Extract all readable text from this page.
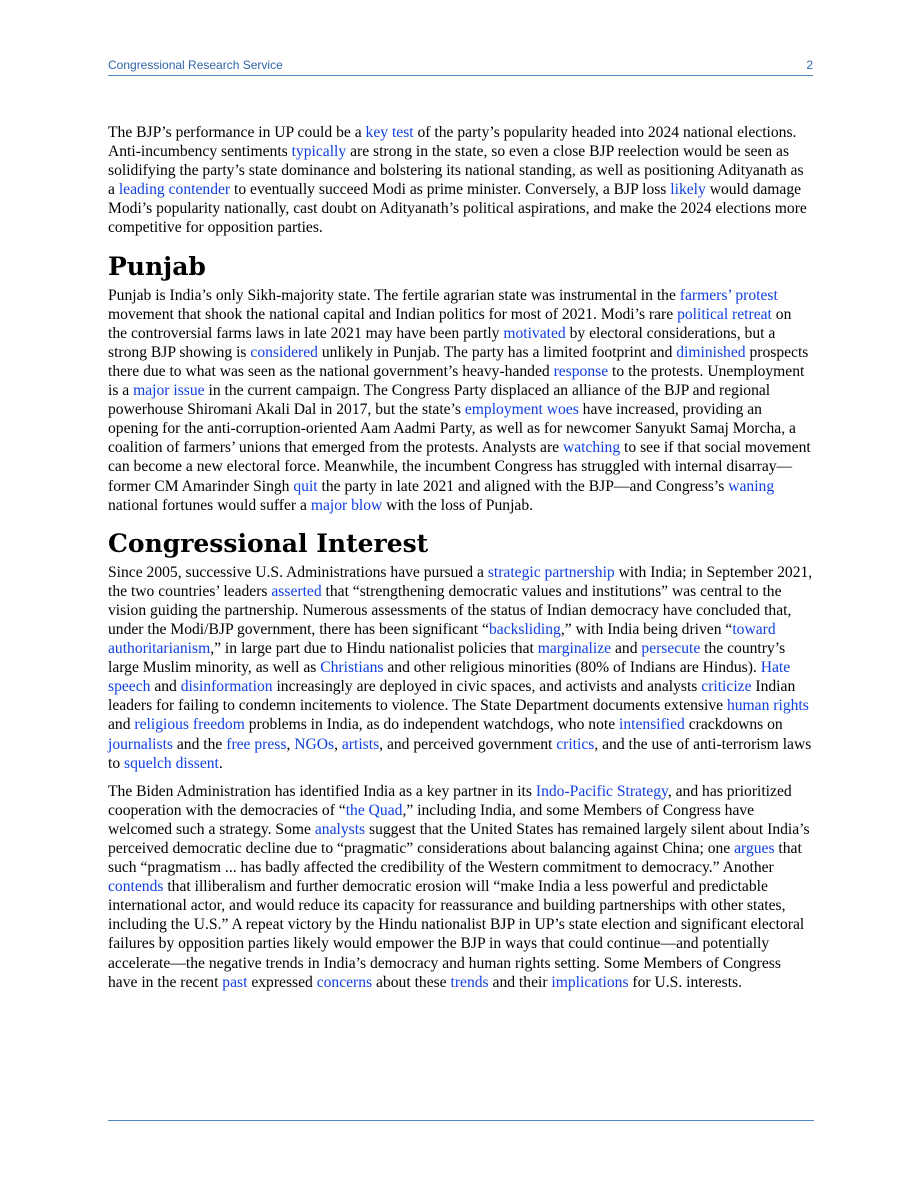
Congressional Research Service	2

The BJP’s performance in UP could be a key test of the party’s popularity headed into 2024 national elections. Anti-incumbency sentiments typically are strong in the state, so even a close BJP reelection would be seen as solidifying the party’s state dominance and bolstering its national standing, as well as positioning Adityanath as a leading contender to eventually succeed Modi as prime minister. Conversely, a BJP loss likely would damage Modi’s popularity nationally, cast doubt on Adityanath’s political aspirations, and make the 2024 elections more competitive for opposition parties.

Punjab

Punjab is India’s only Sikh-majority state. The fertile agrarian state was instrumental in the farmers’ protest movement that shook the national capital and Indian politics for most of 2021. Modi’s rare political retreat on the controversial farms laws in late 2021 may have been partly motivated by electoral considerations, but a strong BJP showing is considered unlikely in Punjab. The party has a limited footprint and diminished prospects there due to what was seen as the national government’s heavy-handed response to the protests. Unemployment is a major issue in the current campaign. The Congress Party displaced an alliance of the BJP and regional powerhouse Shiromani Akali Dal in 2017, but the state’s employment woes have increased, providing an opening for the anti-corruption-oriented Aam Aadmi Party, as well as for newcomer Sanyukt Samaj Morcha, a coalition of farmers’ unions that emerged from the protests. Analysts are watching to see if that social movement can become a new electoral force. Meanwhile, the incumbent Congress has struggled with internal disarray—former CM Amarinder Singh quit the party in late 2021 and aligned with the BJP—and Congress’s waning national fortunes would suffer a major blow with the loss of Punjab.

Congressional Interest

Since 2005, successive U.S. Administrations have pursued a strategic partnership with India; in September 2021, the two countries’ leaders asserted that “strengthening democratic values and institutions” was central to the vision guiding the partnership. Numerous assessments of the status of Indian democracy have concluded that, under the Modi/BJP government, there has been significant “backsliding,” with India being driven “toward authoritarianism,” in large part due to Hindu nationalist policies that marginalize and persecute the country’s large Muslim minority, as well as Christians and other religious minorities (80% of Indians are Hindus). Hate speech and disinformation increasingly are deployed in civic spaces, and activists and analysts criticize Indian leaders for failing to condemn incitements to violence. The State Department documents extensive human rights and religious freedom problems in India, as do independent watchdogs, who note intensified crackdowns on journalists and the free press, NGOs, artists, and perceived government critics, and the use of anti-terrorism laws to squelch dissent.

The Biden Administration has identified India as a key partner in its Indo-Pacific Strategy, and has prioritized cooperation with the democracies of “the Quad,” including India, and some Members of Congress have welcomed such a strategy. Some analysts suggest that the United States has remained largely silent about India’s perceived democratic decline due to “pragmatic” considerations about balancing against China; one argues that such “pragmatism ... has badly affected the credibility of the Western commitment to democracy.” Another contends that illiberalism and further democratic erosion will “make India a less powerful and predictable international actor, and would reduce its capacity for reassurance and building partnerships with other states, including the U.S.” A repeat victory by the Hindu nationalist BJP in UP’s state election and significant electoral failures by opposition parties likely would empower the BJP in ways that could continue—and potentially accelerate—the negative trends in India’s democracy and human rights setting. Some Members of Congress have in the recent past expressed concerns about these trends and their implications for U.S. interests.
